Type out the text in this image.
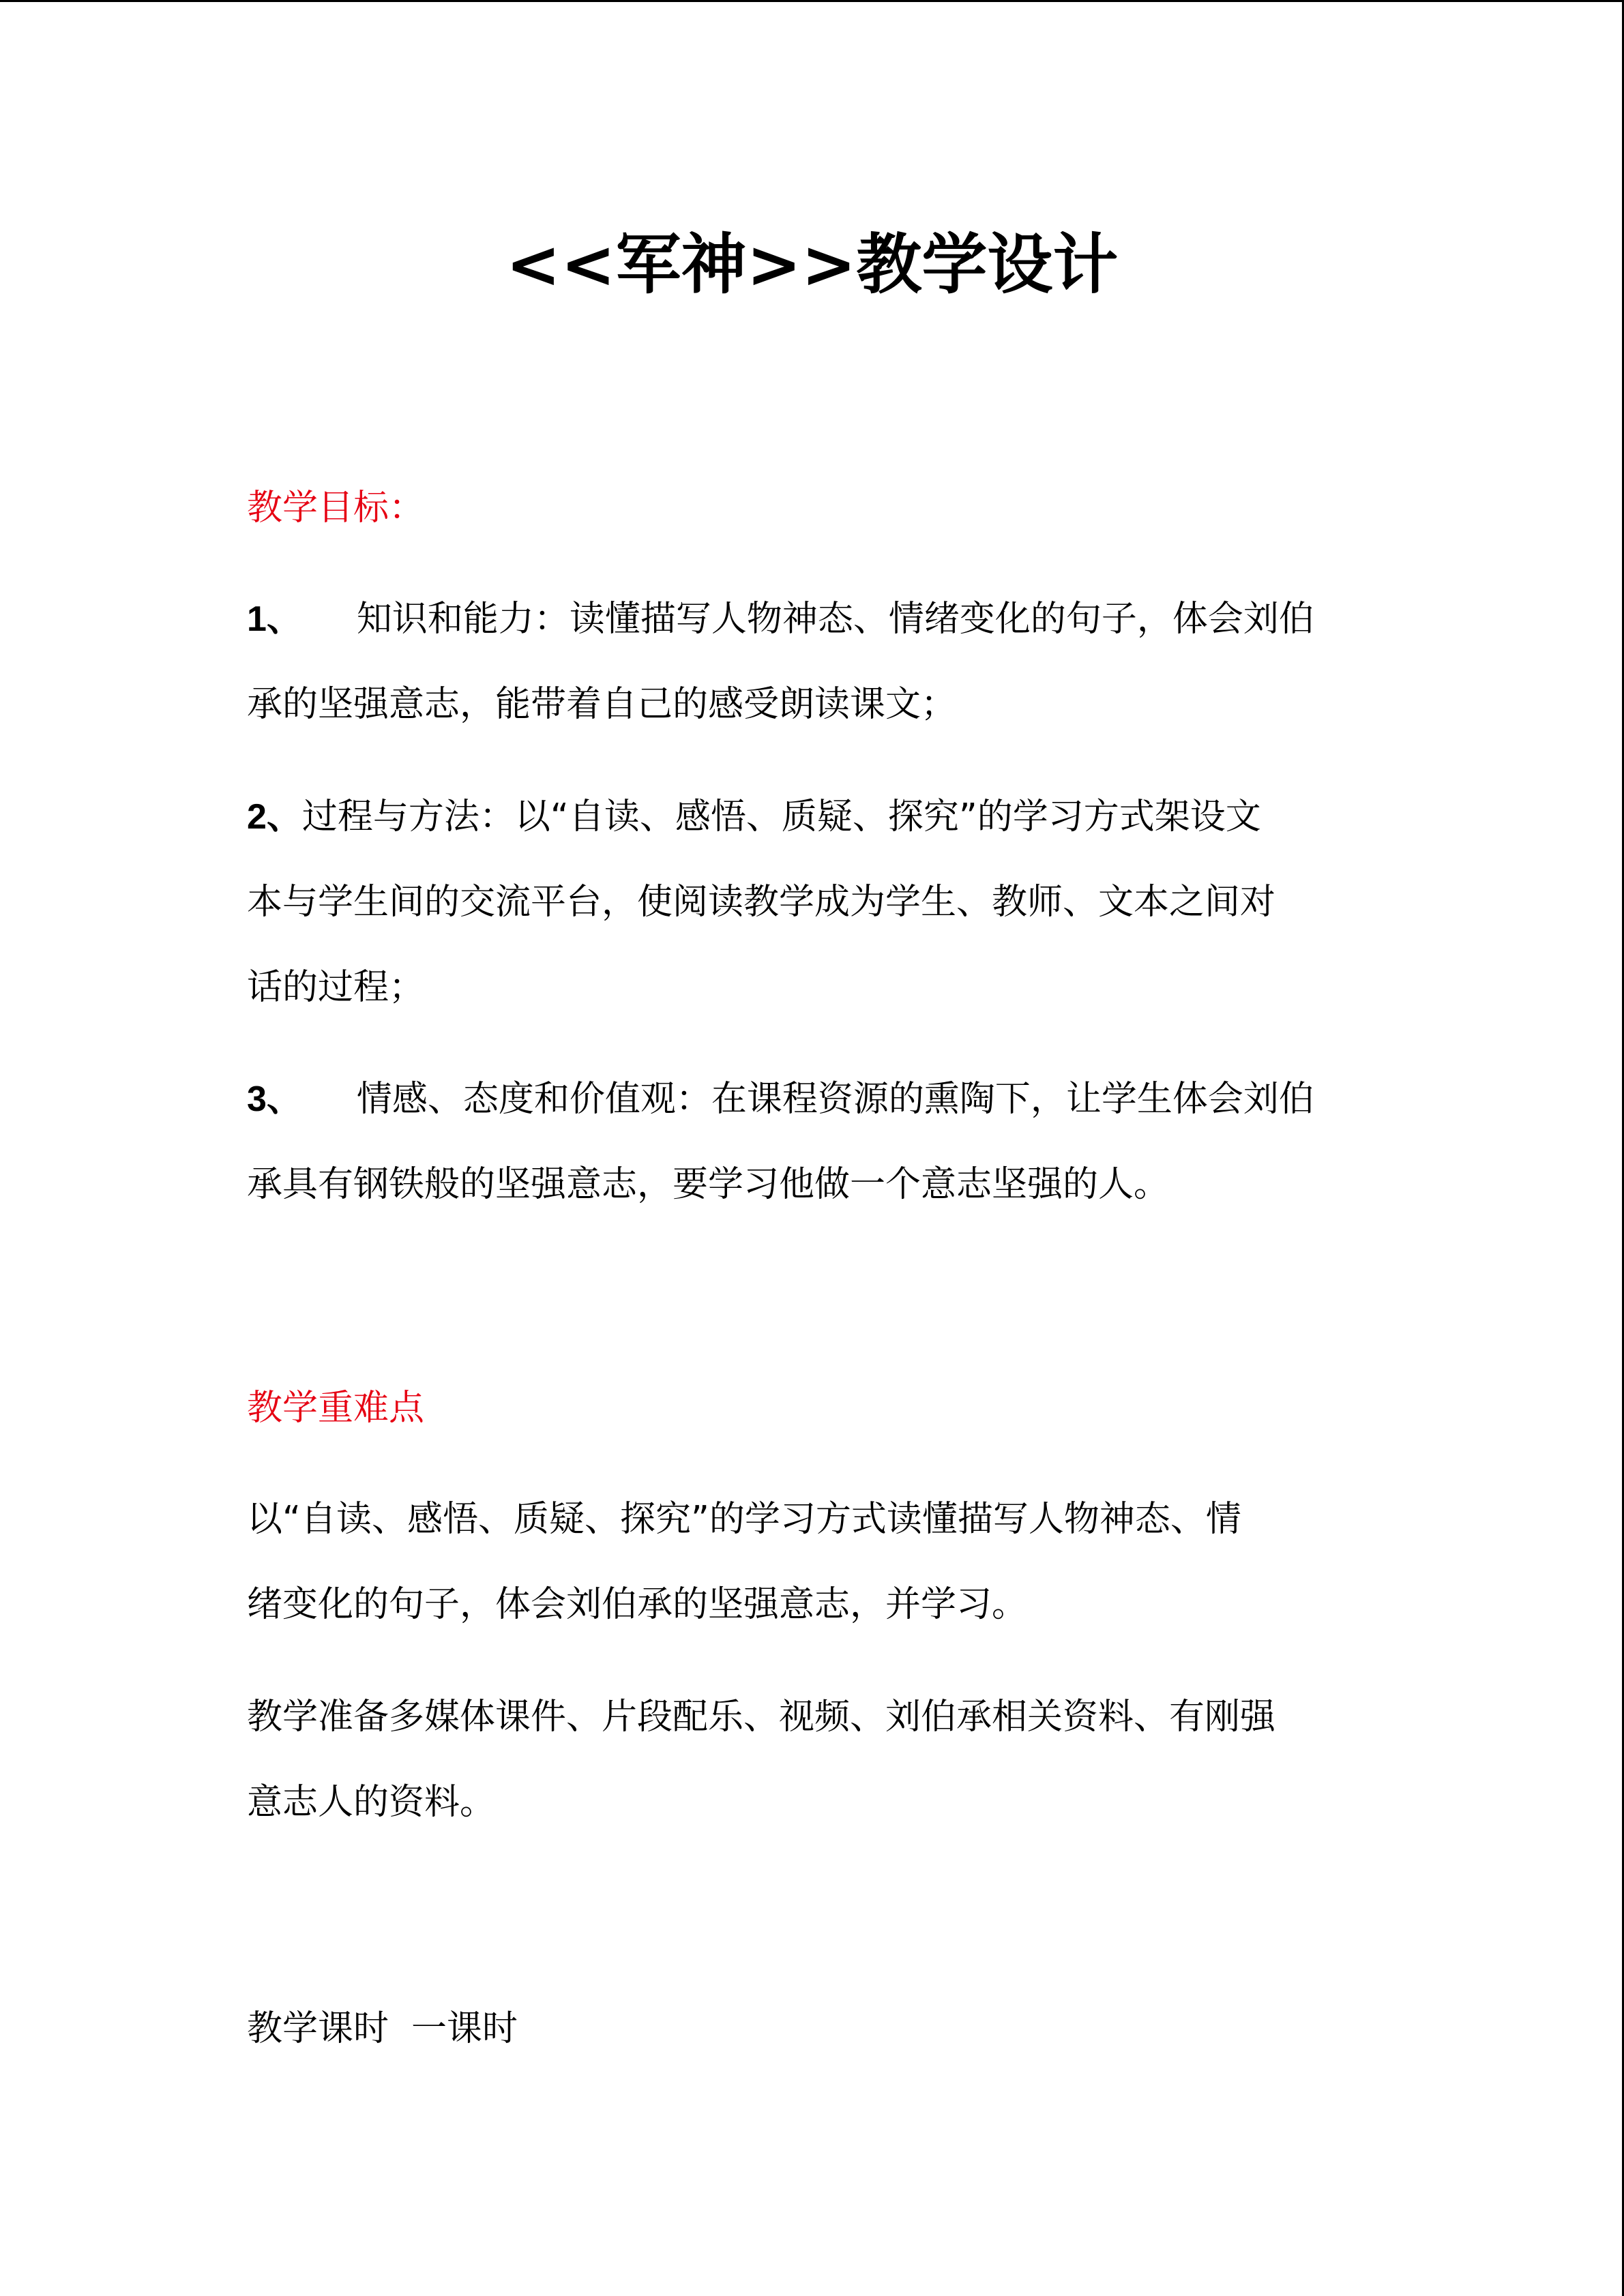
<<军神>>教学设计
教学目标：
1、 知识和能力：读懂描写人物神态、情绪变化的句子，体会刘伯
承的坚强意志，能带着自己的感受朗读课文；
2、过程与方法：以“自读、感悟、质疑、探究”的学习方式架设文
本与学生间的交流平台，使阅读教学成为学生、教师、文本之间对
话的过程；
3、 情感、态度和价值观：在课程资源的熏陶下，让学生体会刘伯
承具有钢铁般的坚强意志，要学习他做一个意志坚强的人。
教学重难点
以“自读、感悟、质疑、探究”的学习方式读懂描写人物神态、情
绪变化的句子，体会刘伯承的坚强意志，并学习。
教学准备多媒体课件、片段配乐、视频、刘伯承相关资料、有刚强
意志人的资料。
教学课时  一课时
